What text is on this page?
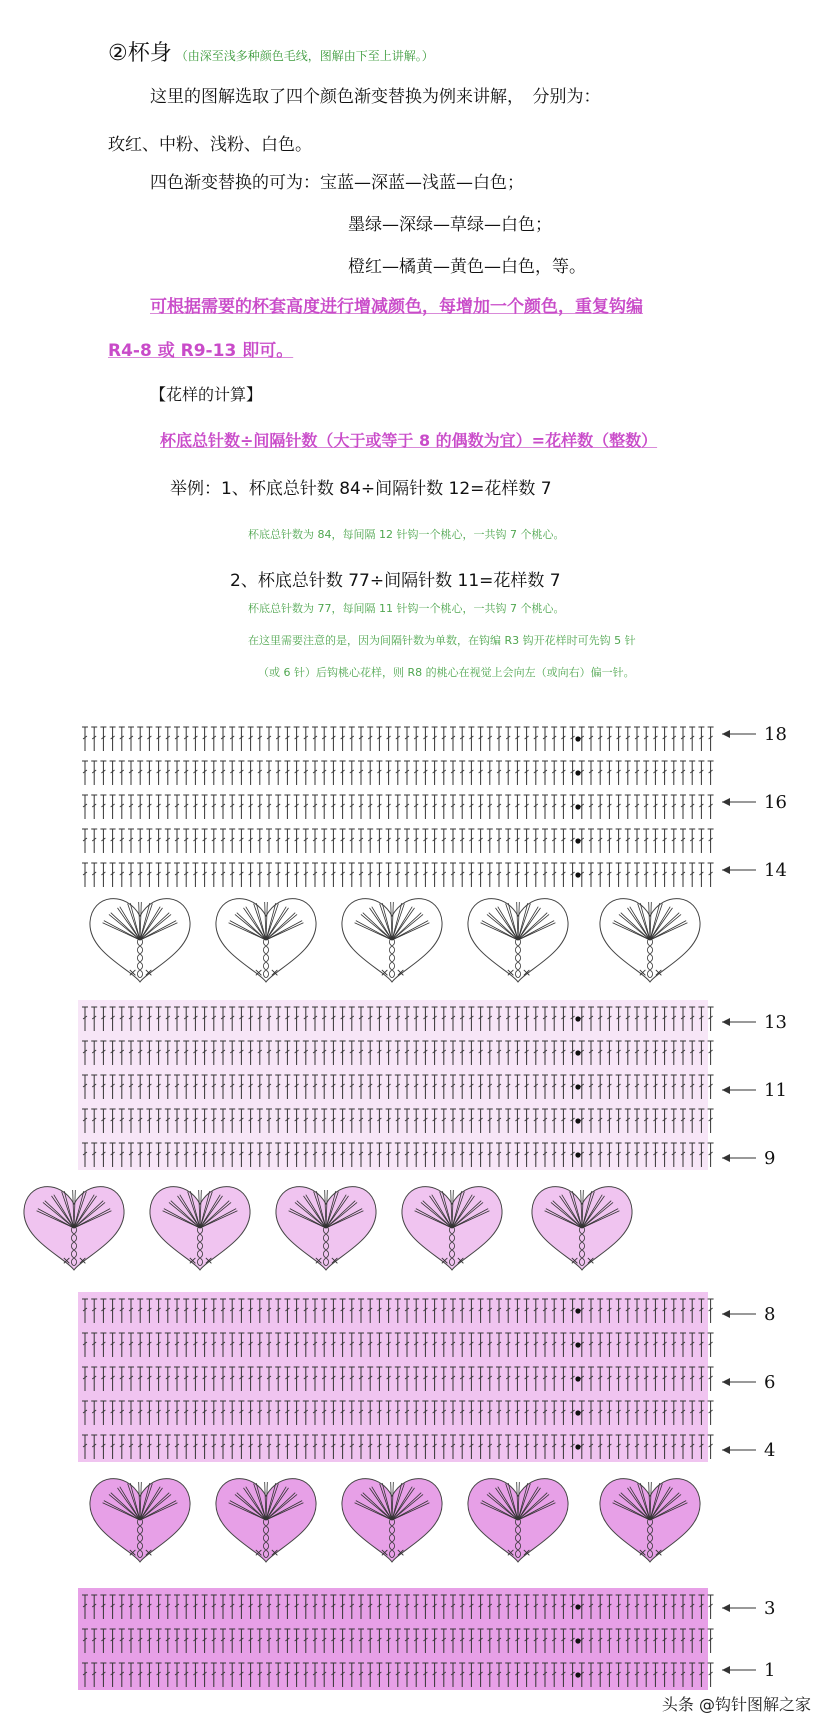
②杯身 （由深至浅多种颜色毛线，图解由下至上讲解。）
这里的图解选取了四个颜色渐变替换为例来讲解，　分别为：
玫红、中粉、浅粉、白色。
四色渐变替换的可为：宝蓝—深蓝—浅蓝—白色；
墨绿—深绿—草绿—白色；
橙红—橘黄—黄色—白色，等。
可根据需要的杯套高度进行增减颜色，每增加一个颜色，重复钩编
R4-8 或 R9-13 即可。
【花样的计算】
杯底总针数÷间隔针数（大于或等于 8 的偶数为宜）=花样数（整数）
举例：1、杯底总针数 84÷间隔针数 12=花样数 7
杯底总针数为 84，每间隔 12 针钩一个桃心，一共钩 7 个桃心。
2、杯底总针数 77÷间隔针数 11=花样数 7
杯底总针数为 77，每间隔 11 针钩一个桃心，一共钩 7 个桃心。
在这里需要注意的是，因为间隔针数为单数，在钩编 R3 钩开花样时可先钩 5 针
（或 6 针）后钩桃心花样，则 R8 的桃心在视觉上会向左（或向右）偏一针。
18
16
14
× ×	× ×	× ×	× ×	× ×
13
11
9
× ×	× ×	× ×	× ×	× ×
8
6
4
× ×	× ×	× ×	× ×	× ×
3
1
头条 @钩针图解之家
